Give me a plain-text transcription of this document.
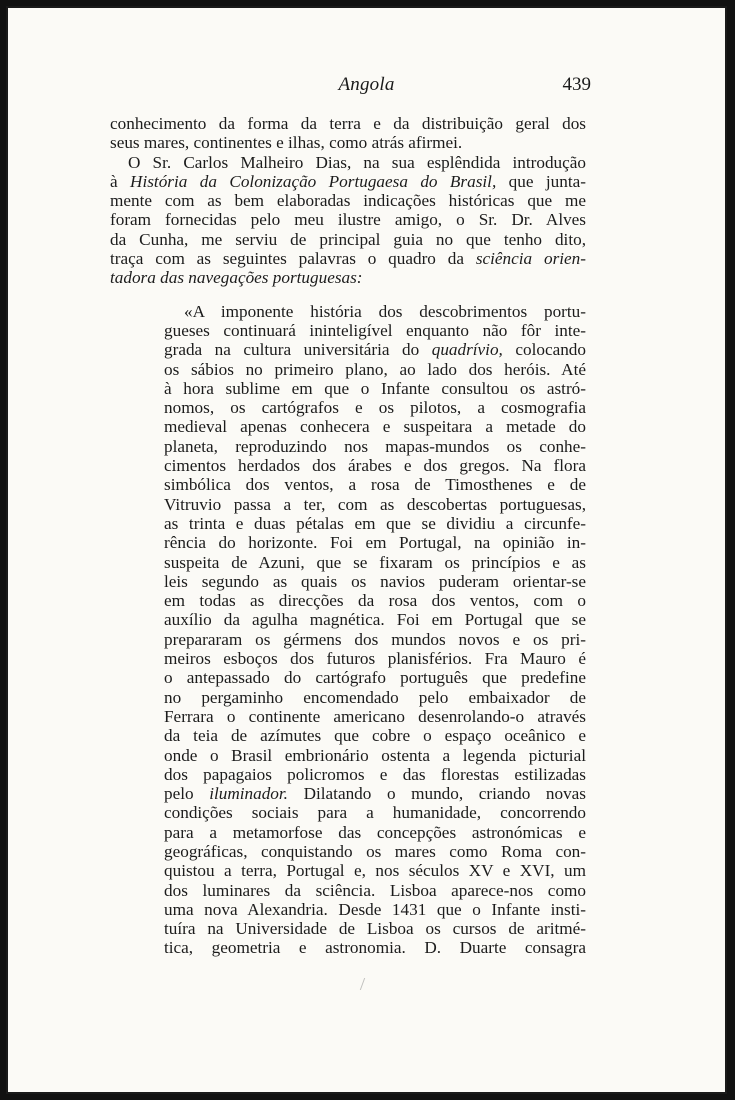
Angola	439
conhecimento da forma da terra e da distribuição geral dos
seus mares, continentes e ilhas, como atrás afirmei.
O Sr. Carlos Malheiro Dias, na sua esplêndida introdução
à História da Colonização Portugaesa do Brasil, que junta-
mente com as bem elaboradas indicações históricas que me
foram fornecidas pelo meu ilustre amigo, o Sr. Dr. Alves
da Cunha, me serviu de principal guia no que tenho dito,
traça com as seguintes palavras o quadro da sciência orien-
tadora das navegações portuguesas:
«A imponente história dos descobrimentos portu-
gueses continuará ininteligível enquanto não fôr inte-
grada na cultura universitária do quadrívio, colocando
os sábios no primeiro plano, ao lado dos heróis. Até
à hora sublime em que o Infante consultou os astró-
nomos, os cartógrafos e os pilotos, a cosmografia
medieval apenas conhecera e suspeitara a metade do
planeta, reproduzindo nos mapas-mundos os conhe-
cimentos herdados dos árabes e dos gregos. Na flora
simbólica dos ventos, a rosa de Timosthenes e de
Vitruvio passa a ter, com as descobertas portuguesas,
as trinta e duas pétalas em que se dividiu a circunfe-
rência do horizonte. Foi em Portugal, na opinião in-
suspeita de Azuni, que se fixaram os princípios e as
leis segundo as quais os navios puderam orientar-se
em todas as direcções da rosa dos ventos, com o
auxílio da agulha magnética. Foi em Portugal que se
prepararam os gérmens dos mundos novos e os pri-
meiros esboços dos futuros planisférios. Fra Mauro é
o antepassado do cartógrafo português que predefine
no pergaminho encomendado pelo embaixador de
Ferrara o continente americano desenrolando-o através
da teia de azímutes que cobre o espaço oceânico e
onde o Brasil embrionário ostenta a legenda picturial
dos papagaios policromos e das florestas estilizadas
pelo iluminador. Dilatando o mundo, criando novas
condições sociais para a humanidade, concorrendo
para a metamorfose das concepções astronómicas e
geográficas, conquistando os mares como Roma con-
quistou a terra, Portugal e, nos séculos XV e XVI, um
dos luminares da sciência. Lisboa aparece-nos como
uma nova Alexandria. Desde 1431 que o Infante insti-
tuíra na Universidade de Lisboa os cursos de aritmé-
tica, geometria e astronomia. D. Duarte consagra
